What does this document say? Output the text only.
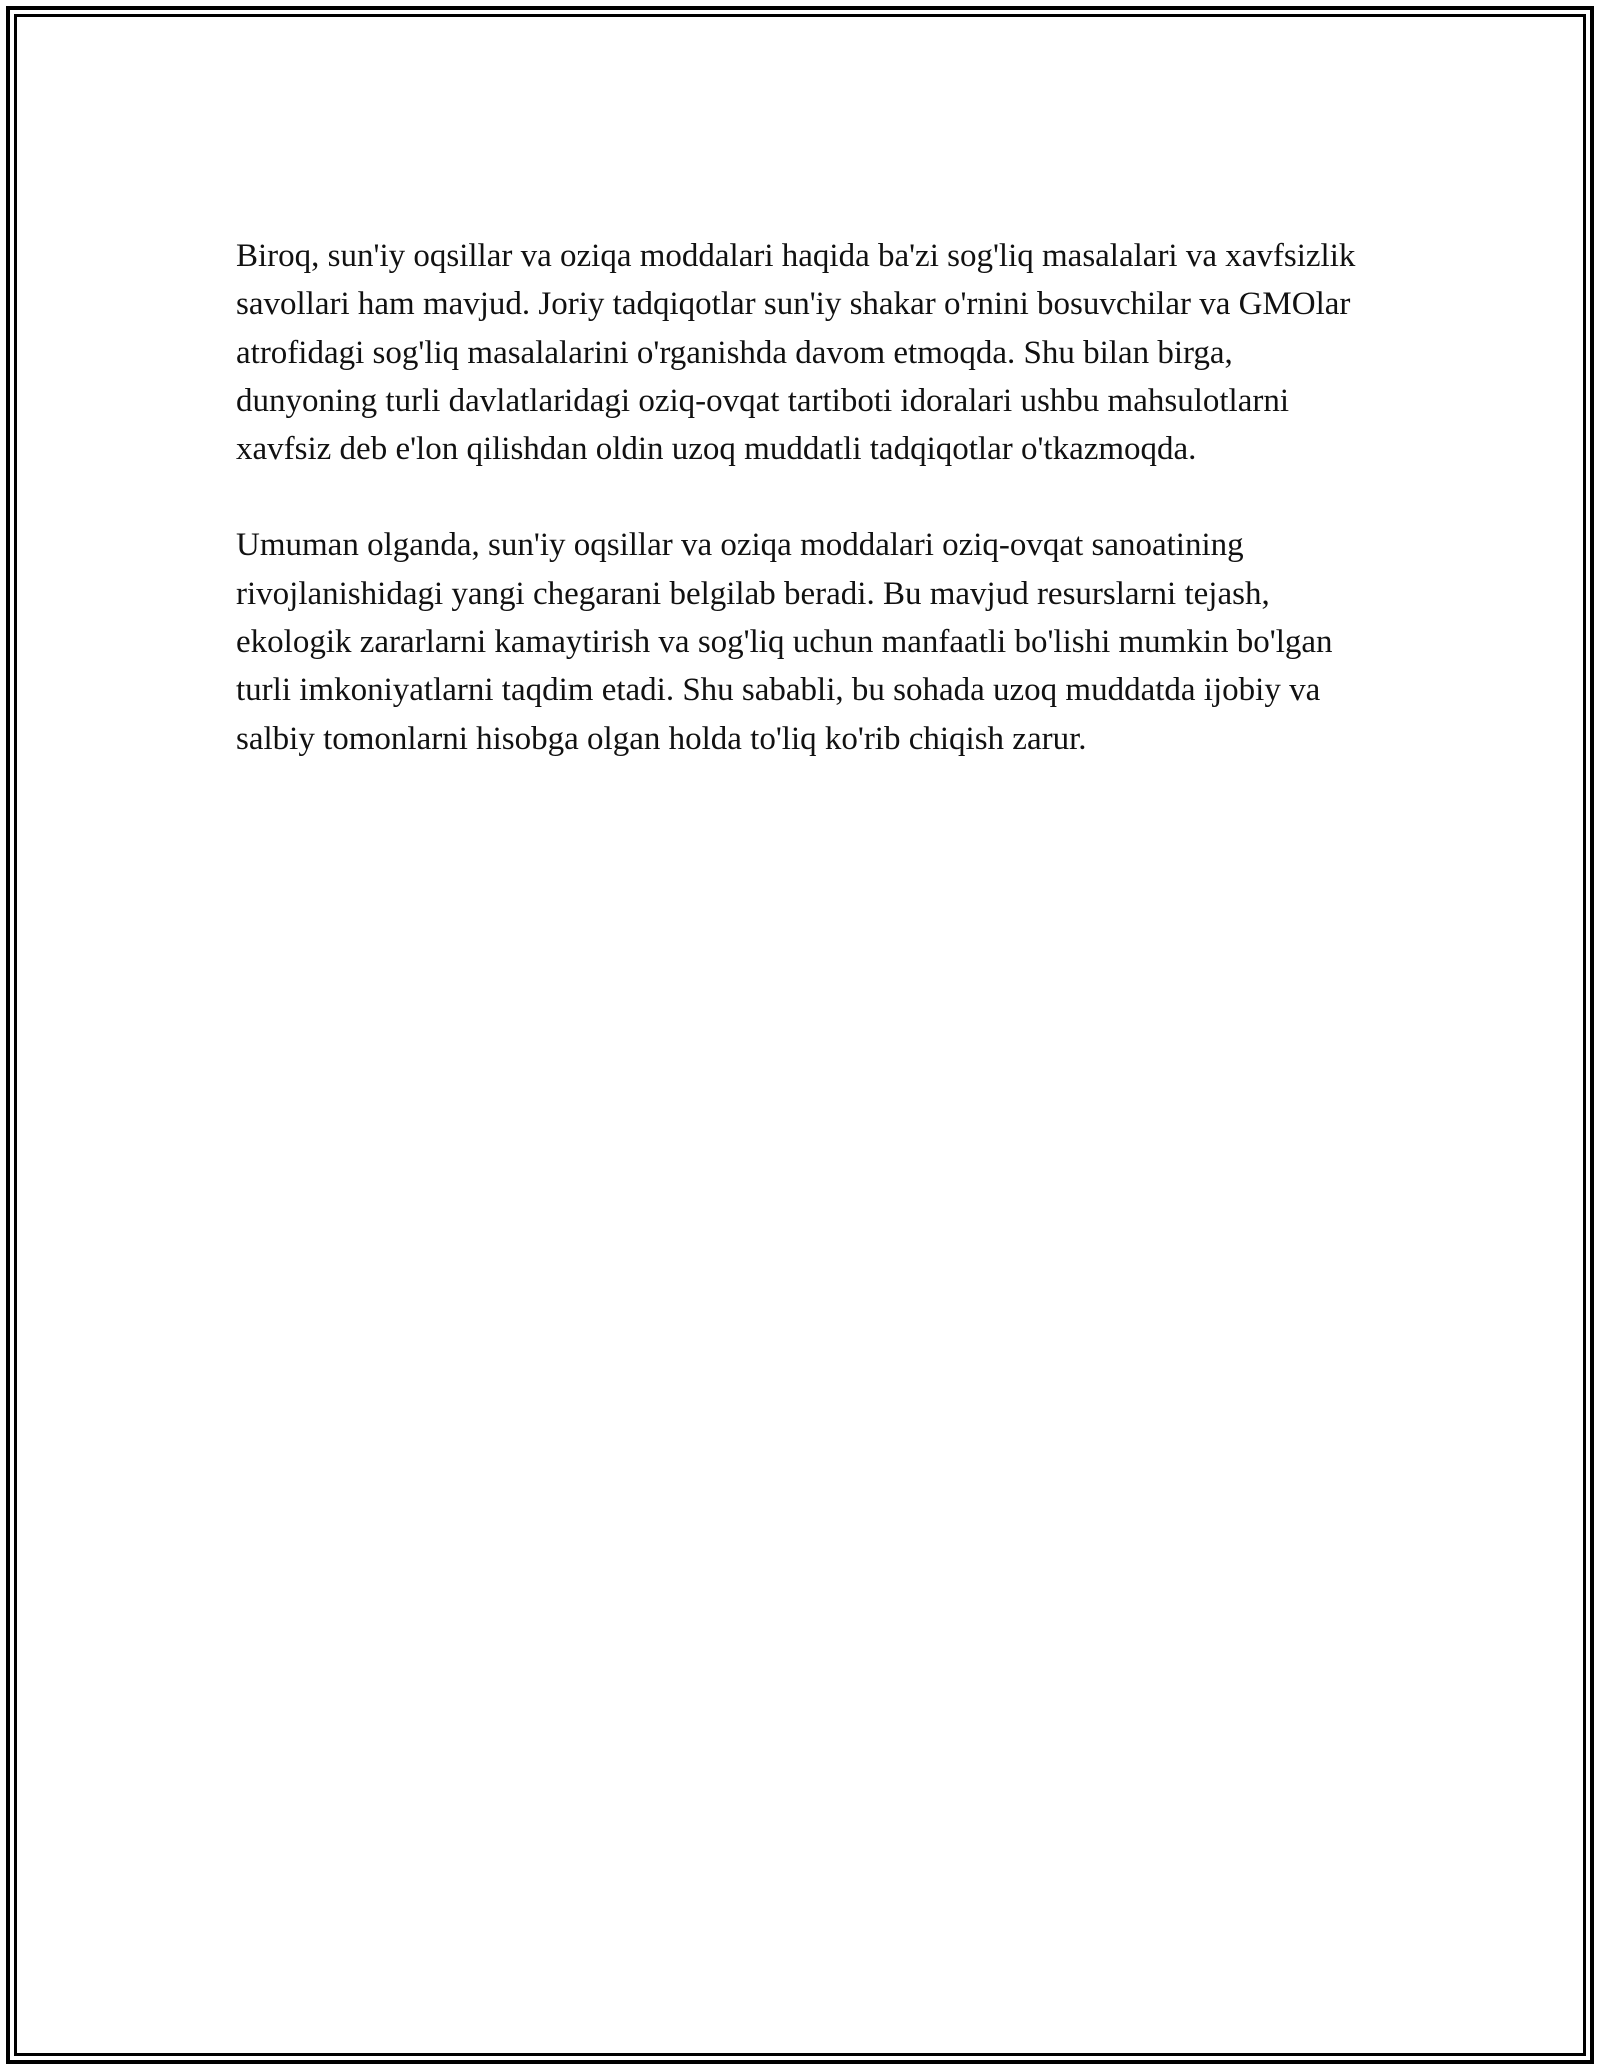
Biroq, sun'iy oqsillar va oziqa moddalari haqida ba'zi sog'liq masalalari va xavfsizlik savollari ham mavjud. Joriy tadqiqotlar sun'iy shakar o'rnini bosuvchilar va GMOlar atrofidagi sog'liq masalalarini o'rganishda davom etmoqda. Shu bilan birga, dunyoning turli davlatlaridagi oziq-ovqat tartiboti idoralari ushbu mahsulotlarni xavfsiz deb e'lon qilishdan oldin uzoq muddatli tadqiqotlar o'tkazmoqda.

Umuman olganda, sun'iy oqsillar va oziqa moddalari oziq-ovqat sanoatining rivojlanishidagi yangi chegarani belgilab beradi. Bu mavjud resurslarni tejash, ekologik zararlarni kamaytirish va sog'liq uchun manfaatli bo'lishi mumkin bo'lgan turli imkoniyatlarni taqdim etadi. Shu sababli, bu sohada uzoq muddatda ijobiy va salbiy tomonlarni hisobga olgan holda to'liq ko'rib chiqish zarur.
